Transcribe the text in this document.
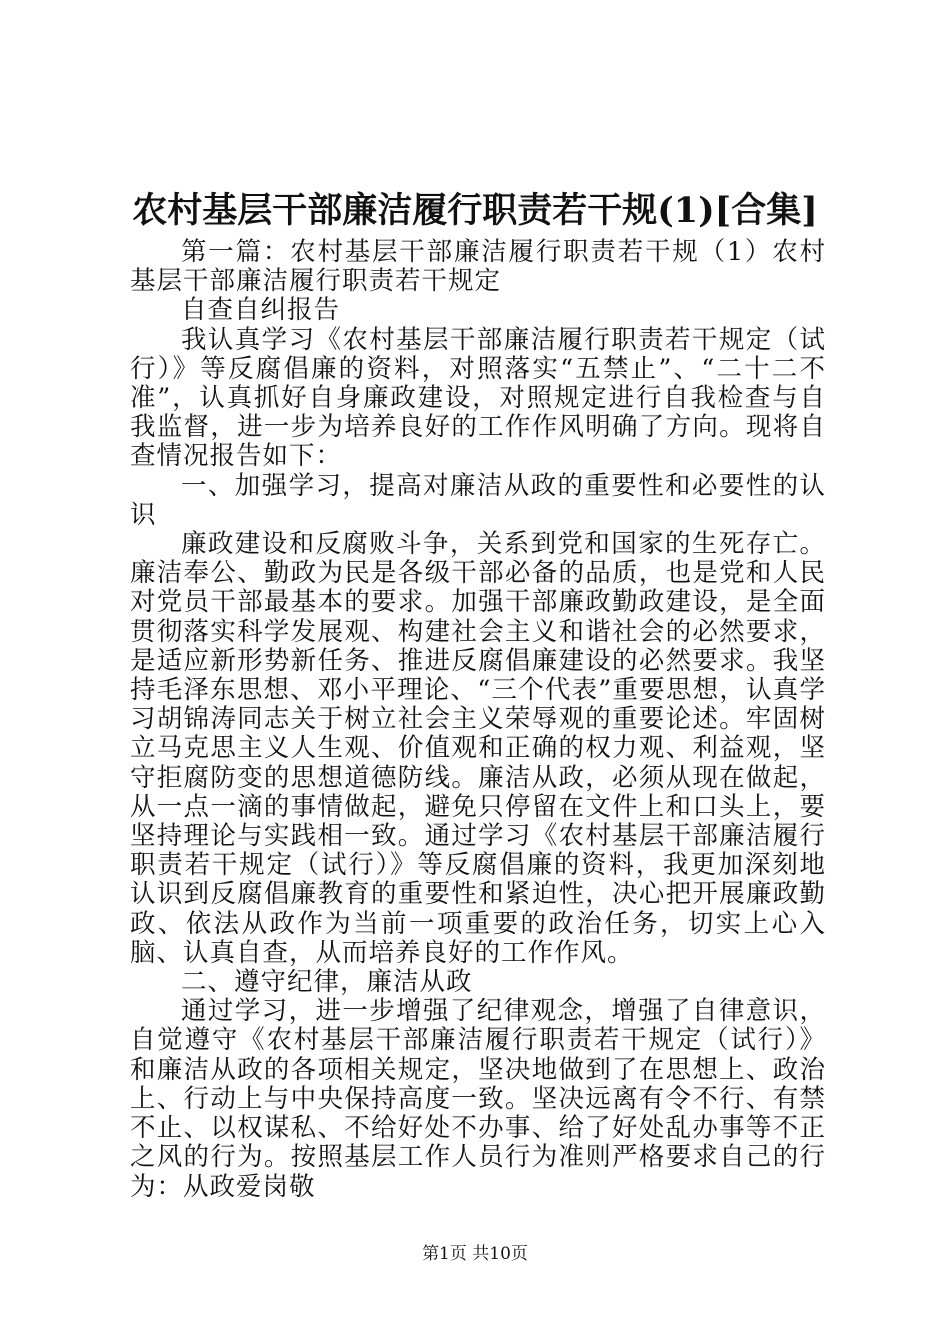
农村基层干部廉洁履行职责若干规(1)[合集]

第一篇：农村基层干部廉洁履行职责若干规（1）农村基层干部廉洁履行职责若干规定

自查自纠报告

我认真学习《农村基层干部廉洁履行职责若干规定（试行）》等反腐倡廉的资料，对照落实“五禁止”、“二十二不准”，认真抓好自身廉政建设，对照规定进行自我检查与自我监督，进一步为培养良好的工作作风明确了方向。现将自查情况报告如下：

一、加强学习，提高对廉洁从政的重要性和必要性的认识

廉政建设和反腐败斗争，关系到党和国家的生死存亡。廉洁奉公、勤政为民是各级干部必备的品质，也是党和人民对党员干部最基本的要求。加强干部廉政勤政建设，是全面贯彻落实科学发展观、构建社会主义和谐社会的必然要求，是适应新形势新任务、推进反腐倡廉建设的必然要求。我坚持毛泽东思想、邓小平理论、“三个代表”重要思想，认真学习胡锦涛同志关于树立社会主义荣辱观的重要论述。牢固树立马克思主义人生观、价值观和正确的权力观、利益观，坚守拒腐防变的思想道德防线。廉洁从政，必须从现在做起，从一点一滴的事情做起，避免只停留在文件上和口头上，要坚持理论与实践相一致。通过学习《农村基层干部廉洁履行职责若干规定（试行）》等反腐倡廉的资料，我更加深刻地认识到反腐倡廉教育的重要性和紧迫性，决心把开展廉政勤政、依法从政作为当前一项重要的政治任务，切实上心入脑、认真自查，从而培养良好的工作作风。

二、遵守纪律，廉洁从政

通过学习，进一步增强了纪律观念，增强了自律意识，自觉遵守《农村基层干部廉洁履行职责若干规定（试行）》和廉洁从政的各项相关规定，坚决地做到了在思想上、政治上、行动上与中央保持高度一致。坚决远离有令不行、有禁不止、以权谋私、不给好处不办事、给了好处乱办事等不正之风的行为。按照基层工作人员行为准则严格要求自己的行为：从政爱岗敬

第1页 共10页
